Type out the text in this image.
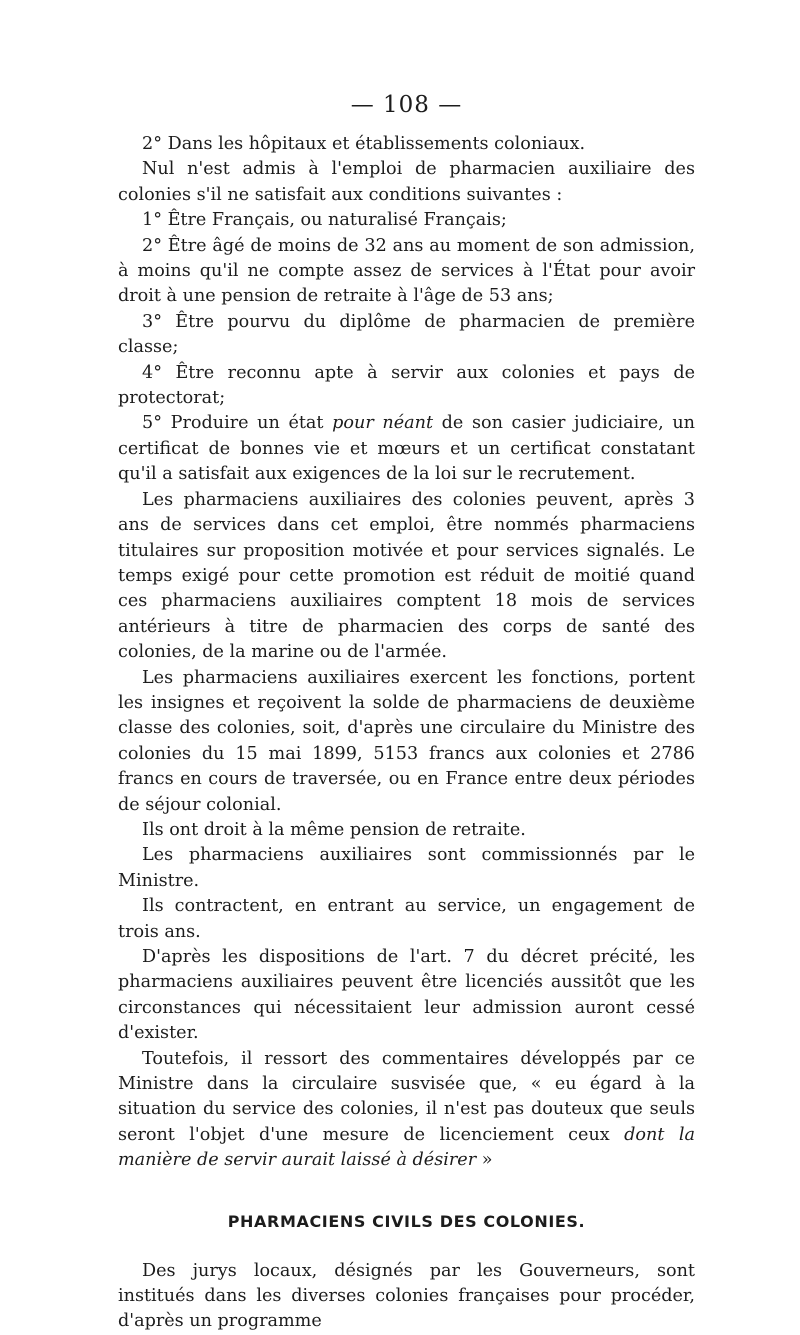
— 108 —

2° Dans les hôpitaux et établissements coloniaux.

Nul n'est admis à l'emploi de pharmacien auxiliaire des colonies s'il ne satisfait aux conditions suivantes :

1° Être Français, ou naturalisé Français;

2° Être âgé de moins de 32 ans au moment de son admission, à moins qu'il ne compte assez de services à l'État pour avoir droit à une pension de retraite à l'âge de 53 ans;

3° Être pourvu du diplôme de pharmacien de première classe;

4° Être reconnu apte à servir aux colonies et pays de protectorat;

5° Produire un état pour néant de son casier judiciaire, un certificat de bonnes vie et mœurs et un certificat constatant qu'il a satisfait aux exigences de la loi sur le recrutement.

Les pharmaciens auxiliaires des colonies peuvent, après 3 ans de services dans cet emploi, être nommés pharmaciens titulaires sur proposition motivée et pour services signalés. Le temps exigé pour cette promotion est réduit de moitié quand ces pharmaciens auxiliaires comptent 18 mois de services antérieurs à titre de pharmacien des corps de santé des colonies, de la marine ou de l'armée.

Les pharmaciens auxiliaires exercent les fonctions, portent les insignes et reçoivent la solde de pharmaciens de deuxième classe des colonies, soit, d'après une circulaire du Ministre des colonies du 15 mai 1899, 5153 francs aux colonies et 2786 francs en cours de traversée, ou en France entre deux périodes de séjour colonial.

Ils ont droit à la même pension de retraite.

Les pharmaciens auxiliaires sont commissionnés par le Ministre.

Ils contractent, en entrant au service, un engagement de trois ans.

D'après les dispositions de l'art. 7 du décret précité, les pharmaciens auxiliaires peuvent être licenciés aussitôt que les circonstances qui nécessitaient leur admission auront cessé d'exister.

Toutefois, il ressort des commentaires développés par ce Ministre dans la circulaire susvisée que, « eu égard à la situation du service des colonies, il n'est pas douteux que seuls seront l'objet d'une mesure de licenciement ceux dont la manière de servir aurait laissé à désirer »

PHARMACIENS CIVILS DES COLONIES.

Des jurys locaux, désignés par les Gouverneurs, sont institués dans les diverses colonies françaises pour procéder, d'après un programme
